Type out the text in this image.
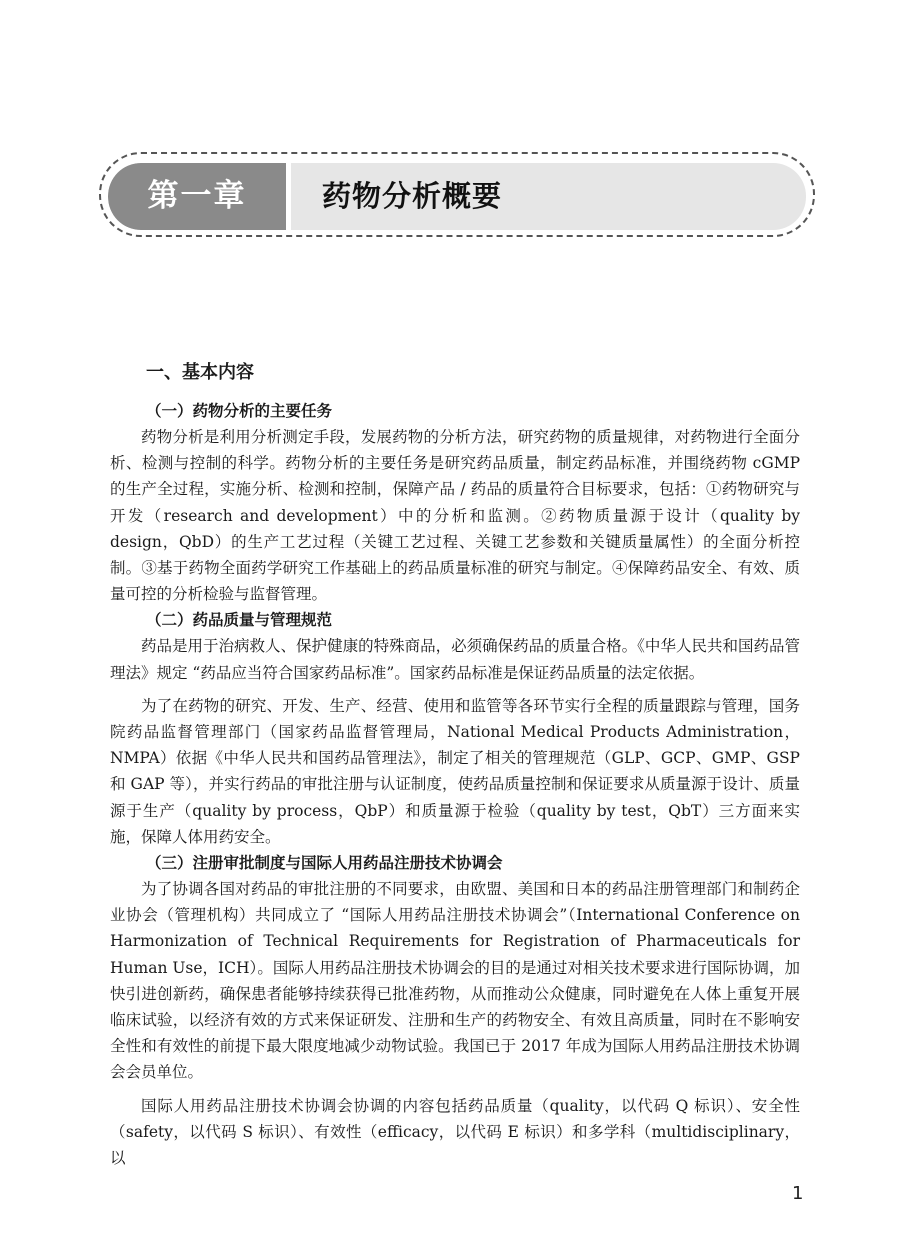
第一章	药物分析概要
一、基本内容
（一）药物分析的主要任务

药物分析是利用分析测定手段，发展药物的分析方法，研究药物的质量规律，对药物进行全面分析、检测与控制的科学。药物分析的主要任务是研究药品质量，制定药品标准，并围绕药物 cGMP 的生产全过程，实施分析、检测和控制，保障产品 / 药品的质量符合目标要求，包括：①药物研究与开发（research and development）中的分析和监测。②药物质量源于设计（quality by design，QbD）的生产工艺过程（关键工艺过程、关键工艺参数和关键质量属性）的全面分析控制。③基于药物全面药学研究工作基础上的药品质量标准的研究与制定。④保障药品安全、有效、质量可控的分析检验与监督管理。

（二）药品质量与管理规范

药品是用于治病救人、保护健康的特殊商品，必须确保药品的质量合格。《中华人民共和国药品管理法》规定 “药品应当符合国家药品标准”。国家药品标准是保证药品质量的法定依据。

为了在药物的研究、开发、生产、经营、使用和监管等各环节实行全程的质量跟踪与管理，国务院药品监督管理部门（国家药品监督管理局，National Medical Products Administration，NMPA）依据《中华人民共和国药品管理法》，制定了相关的管理规范（GLP、GCP、GMP、GSP 和 GAP 等），并实行药品的审批注册与认证制度，使药品质量控制和保证要求从质量源于设计、质量源于生产（quality by process，QbP）和质量源于检验（quality by test，QbT）三方面来实施，保障人体用药安全。

（三）注册审批制度与国际人用药品注册技术协调会

为了协调各国对药品的审批注册的不同要求，由欧盟、美国和日本的药品注册管理部门和制药企业协会（管理机构）共同成立了 “国际人用药品注册技术协调会”（International Conference on Harmonization of Technical Requirements for Registration of Pharmaceuticals for Human Use，ICH）。国际人用药品注册技术协调会的目的是通过对相关技术要求进行国际协调，加快引进创新药，确保患者能够持续获得已批准药物，从而推动公众健康，同时避免在人体上重复开展临床试验，以经济有效的方式来保证研发、注册和生产的药物安全、有效且高质量，同时在不影响安全性和有效性的前提下最大限度地减少动物试验。我国已于 2017 年成为国际人用药品注册技术协调会会员单位。

国际人用药品注册技术协调会协调的内容包括药品质量（quality，以代码 Q 标识）、安全性（safety，以代码 S 标识）、有效性（efficacy，以代码 E 标识）和多学科（multidisciplinary，以

1
